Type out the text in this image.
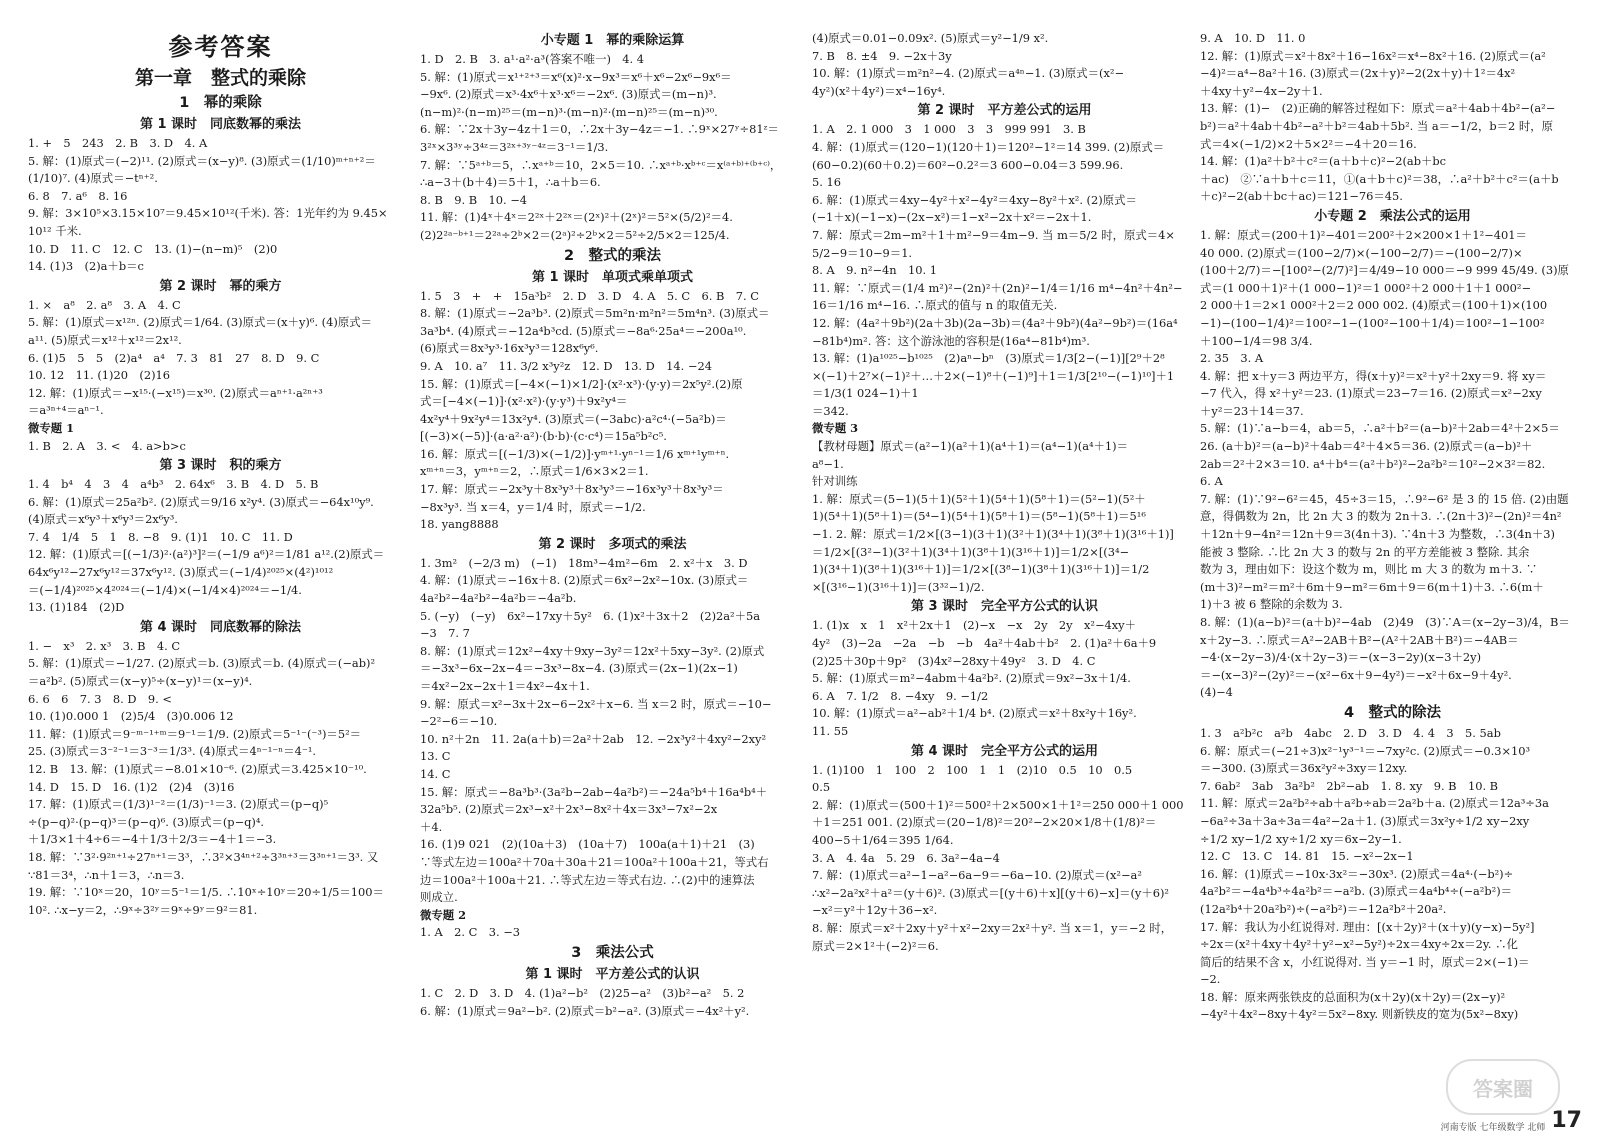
参考答案
第一章　整式的乘除
1　幂的乘除
第 1 课时　同底数幂的乘法
1. +　5　243　2. B　3. D　4. A
5. 解：(1)原式＝(−2)¹¹. (2)原式＝(x−y)⁸. (3)原式＝(1/10)ᵐ⁺ⁿ⁺²＝
(1/10)⁷. (4)原式＝−tⁿ⁺².
6. 8　7. a⁶　8. 16
9. 解：3×10⁵×3.15×10⁷＝9.45×10¹²(千米). 答：1光年约为 9.45×
10¹² 千米.
10. D　11. C　12. C　13. (1)−(n−m)⁵　(2)0
14. (1)3　(2)a＋b＝c
第 2 课时　幂的乘方
1. ×　a⁸　2. a⁸　3. A　4. C
5. 解：(1)原式＝x¹²ⁿ. (2)原式＝1/64. (3)原式＝(x＋y)⁶. (4)原式＝
a¹¹. (5)原式＝x¹²＋x¹²＝2x¹².
6. (1)5　5　5　(2)a⁴　a⁴　7. 3　81　27　8. D　9. C
10. 12　11. (1)20　(2)16
12. 解：(1)原式＝−x¹⁵·(−x¹⁵)＝x³⁰. (2)原式＝aⁿ⁺¹·a²ⁿ⁺³
＝a³ⁿ⁺⁴＝aⁿ⁻¹.
微专题 1
1. B　2. A　3. <　4. a>b>c
第 3 课时　积的乘方
1. 4　b⁴　4　3　4　a⁴b³　2. 64x⁶　3. B　4. D　5. B
6. 解：(1)原式＝25a²b². (2)原式＝9/16 x²y⁴. (3)原式＝−64x¹⁰y⁹.
(4)原式＝x⁶y³＋x⁶y³＝2x⁶y³.
7. 4　1/4　5　1　8. −8　9. (1)1　10. C　11. D
12. 解：(1)原式＝[(−1/3)²·(a²)³]²＝(−1/9 a⁶)²＝1/81 a¹².(2)原式＝
64x⁶y¹²−27x⁶y¹²＝37x⁶y¹². (3)原式＝(−1/4)²⁰²⁵×(4²)¹⁰¹²
＝(−1/4)²⁰²⁵×4²⁰²⁴＝(−1/4)×(−1/4×4)²⁰²⁴＝−1/4.
13. (1)184　(2)D
第 4 课时　同底数幂的除法
1. −　x³　2. x³　3. B　4. C
5. 解：(1)原式＝−1/27. (2)原式＝b. (3)原式＝b. (4)原式＝(−ab)²
＝a²b². (5)原式＝(x−y)⁵÷(x−y)¹＝(x−y)⁴.
6. 6　6　7. 3　8. D　9. <
10. (1)0.000 1　(2)5/4　(3)0.006 12
11. 解：(1)原式＝9⁻ᵐ⁻¹⁺ᵐ＝9⁻¹＝1/9. (2)原式＝5⁻¹⁻(⁻³)＝5²＝
25. (3)原式＝3⁻²⁻¹＝3⁻³＝1/3³. (4)原式＝4ⁿ⁻¹⁻ⁿ＝4⁻¹.
12. B　13. 解：(1)原式＝−8.01×10⁻⁶. (2)原式＝3.425×10⁻¹⁰.
14. D　15. D　16. (1)2　(2)4　(3)16
17. 解：(1)原式＝(1/3)¹⁻²＝(1/3)⁻¹＝3. (2)原式＝(p−q)⁵
÷(p−q)²·(p−q)³＝(p−q)⁶. (3)原式＝(p−q)⁴.
＋1/3×1＋4÷6＝−4＋1/3＋2/3＝−4＋1＝−3.
18. 解：∵3²·9²ⁿ⁺¹÷27ⁿ⁺¹＝3³，∴3²×3⁴ⁿ⁺²÷3³ⁿ⁺³＝3³ⁿ⁺¹＝3³. 又
∵81＝3⁴，∴n＋1＝3，∴n＝3.
19. 解：∵10ˣ＝20，10ʸ＝5⁻¹＝1/5. ∴10ˣ÷10ʸ＝20÷1/5＝100＝
10². ∴x−y＝2，∴9ˣ÷3²ʸ＝9ˣ÷9ʸ＝9²＝81.
小专题 1　幂的乘除运算
1. D　2. B　3. a¹·a²·a³(答案不唯一)　4. 4
5. 解：(1)原式＝x¹⁺²⁺³＝x⁶(x)²·x−9x³＝x⁶＋x⁶−2x⁶−9x⁶＝
−9x⁶. (2)原式＝x³·4x⁶＋x³·x⁶＝−2x⁶. (3)原式＝(m−n)³.
(n−m)²·(n−m)²⁵＝(m−n)³·(m−n)²·(m−n)²⁵＝(m−n)³⁰.
6. 解：∵2x＋3y−4z＋1＝0，∴2x＋3y−4z＝−1. ∴9ˣ×27ʸ÷81ᶻ＝
3²ˣ×3³ʸ÷3⁴ᶻ＝3²ˣ⁺³ʸ⁻⁴ᶻ＝3⁻¹＝1/3.
7. 解：∵5ᵃ⁺ᵇ＝5，∴xᵃ⁺ᵇ＝10，2×5＝10. ∴xᵃ⁺ᵇ·xᵇ⁺ᶜ＝x⁽ᵃ⁺ᵇ⁾⁺⁽ᵇ⁺ᶜ⁾，
∴a−3＋(b＋4)＝5＋1，∴a＋b＝6.
8. B　9. B　10. −4
11. 解：(1)4ˣ＋4ˣ＝2²ˣ＋2²ˣ＝(2ˣ)²＋(2ˣ)²＝5²×(5/2)²＝4.
(2)2²ᵃ⁻ᵇ⁺¹＝2²ᵃ÷2ᵇ×2＝(2ᵃ)²÷2ᵇ×2＝5²÷2/5×2＝125/4.
2　整式的乘法
第 1 课时　单项式乘单项式
1. 5　3　+　+　15a³b²　2. D　3. D　4. A　5. C　6. B　7. C
8. 解：(1)原式＝−2a³b³. (2)原式＝5m²n·m²n²＝5m⁴n³. (3)原式＝
3a³b⁴. (4)原式＝−12a⁴b³cd. (5)原式＝−8a⁶·25a⁴＝−200a¹⁰.
(6)原式＝8x³y³·16x³y³＝128x⁶y⁶.
9. A　10. a⁷　11. 3/2 x³y²z　12. D　13. D　14. −24
15. 解：(1)原式＝[−4×(−1)×1/2]·(x²·x³)·(y·y)＝2x⁵y².(2)原
式＝[−4×(−1)]·(x²·x²)·(y·y³)＋9x²y⁴＝
4x²y⁴＋9x²y⁴＝13x²y⁴. (3)原式＝(−3abc)·a²c⁴·(−5a²b)＝
[(−3)×(−5)]·(a·a²·a²)·(b·b)·(c·c⁴)＝15a⁵b²c⁵.
16. 解：原式＝[(−1/3)×(−1/2)]·yᵐ⁺¹·yⁿ⁻¹＝1/6 xᵐ⁺¹yᵐ⁺ⁿ.
xᵐ⁺ⁿ＝3，yᵐ⁺ⁿ＝2，∴原式＝1/6×3×2＝1.
17. 解：原式＝−2x³y＋8x³y³＋8x³y³＝−16x³y³＋8x³y³＝
−8x³y³. 当 x＝4，y＝1/4 时，原式＝−1/2.
18. yang8888
第 2 课时　多项式的乘法
1. 3m²　(−2/3 m)　(−1)　18m³−4m²−6m　2. x²＋x　3. D
4. 解：(1)原式＝−16x＋8. (2)原式＝6x²−2x²−10x. (3)原式＝
4a²b²−4a²b²−4a²b＝−4a²b.
5. (−y)　(−y)　6x²−17xy＋5y²　6. (1)x²＋3x＋2　(2)2a²＋5a
−3　7. 7
8. 解：(1)原式＝12x²−4xy＋9xy−3y²＝12x²＋5xy−3y². (2)原式
＝−3x³−6x−2x−4＝−3x³−8x−4. (3)原式＝(2x−1)(2x−1)
＝4x²−2x−2x＋1＝4x²−4x＋1.
9. 解：原式＝x²−3x＋2x−6−2x²＋x−6. 当 x＝2 时，原式＝−10−
−2²−6＝−10.
10. n²＋2n　11. 2a(a＋b)＝2a²＋2ab　12. −2x³y²＋4xy²−2xy²
13. C
14. C
15. 解：原式＝−8a³b³·(3a²b−2ab−4a²b²)＝−24a⁵b⁴＋16a⁴b⁴＋
32a⁵b⁵. (2)原式＝2x³−x²＋2x³−8x²＋4x＝3x³−7x²−2x
＋4.
16. (1)9 021　(2)(10a＋3)　(10a＋7)　100a(a＋1)＋21　(3)
∵等式左边＝100a²＋70a＋30a＋21＝100a²＋100a＋21，等式右
边＝100a²＋100a＋21. ∴等式左边＝等式右边. ∴(2)中的速算法
则成立.
微专题 2
1. A　2. C　3. −3
3　乘法公式
第 1 课时　平方差公式的认识
1. C　2. D　3. D　4. (1)a²−b²　(2)25−a²　(3)b²−a²　5. 2
6. 解：(1)原式＝9a²−b². (2)原式＝b²−a². (3)原式＝−4x²＋y².
(4)原式＝0.01−0.09x². (5)原式＝y²−1/9 x².
7. B　8. ±4　9. −2x＋3y
10. 解：(1)原式＝m²n²−4. (2)原式＝a⁴ⁿ−1. (3)原式＝(x²−
4y²)(x²＋4y²)＝x⁴−16y⁴.
第 2 课时　平方差公式的运用
1. A　2. 1 000　3　1 000　3　3　999 991　3. B
4. 解：(1)原式＝(120−1)(120＋1)＝120²−1²＝14 399. (2)原式＝
(60−0.2)(60＋0.2)＝60²−0.2²＝3 600−0.04＝3 599.96.
5. 16
6. 解：(1)原式＝4xy−4y²＋x²−4y²＝4xy−8y²＋x². (2)原式＝
(−1＋x)(−1−x)−(2x−x²)＝1−x²−2x＋x²＝−2x＋1.
7. 解：原式＝2m−m²＋1＋m²−9＝4m−9. 当 m＝5/2 时，原式＝4×
5/2−9＝10−9＝1.
8. A　9. n²−4n　10. 1
11. 解：∵原式＝(1/4 m²)²−(2n)²＋(2n)²−1/4＝1/16 m⁴−4n²＋4n²−
16＝1/16 m⁴−16. ∴原式的值与 n 的取值无关.
12. 解：(4a²＋9b²)(2a＋3b)(2a−3b)＝(4a²＋9b²)(4a²−9b²)＝(16a⁴
−81b⁴)m². 答：这个游泳池的容积是(16a⁴−81b⁴)m³.
13. 解：(1)a¹⁰²⁵−b¹⁰²⁵　(2)aⁿ−bⁿ　(3)原式＝1/3[2−(−1)][2⁹＋2⁸
×(−1)＋2⁷×(−1)²＋…＋2×(−1)⁸＋(−1)⁹]＋1＝1/3[2¹⁰−(−1)¹⁰]＋1
＝1/3(1 024−1)＋1
＝342.
微专题 3
【教材母题】原式＝(a²−1)(a²＋1)(a⁴＋1)＝(a⁴−1)(a⁴＋1)＝
a⁸−1.
针对训练
1. 解：原式＝(5−1)(5＋1)(5²＋1)(5⁴＋1)(5⁸＋1)＝(5²−1)(5²＋
1)(5⁴＋1)(5⁸＋1)＝(5⁴−1)(5⁴＋1)(5⁸＋1)＝(5⁸−1)(5⁸＋1)＝5¹⁶
−1. 2. 解：原式＝1/2×[(3−1)(3＋1)(3²＋1)(3⁴＋1)(3⁸＋1)(3¹⁶＋1)]
＝1/2×[(3²−1)(3²＋1)(3⁴＋1)(3⁸＋1)(3¹⁶＋1)]＝1/2×[(3⁴−
1)(3⁴＋1)(3⁸＋1)(3¹⁶＋1)]＝1/2×[(3⁸−1)(3⁸＋1)(3¹⁶＋1)]＝1/2
×[(3¹⁶−1)(3¹⁶＋1)]＝(3³²−1)/2.
第 3 课时　完全平方公式的认识
1. (1)x　x　1　x²＋2x＋1　(2)−x　−x　2y　2y　x²−4xy＋
4y²　(3)−2a　−2a　−b　−b　4a²＋4ab＋b²　2. (1)a²＋6a＋9
(2)25＋30p＋9p²　(3)4x²−28xy＋49y²　3. D　4. C
5. 解：(1)原式＝m²−4abm＋4a²b². (2)原式＝9x²−3x＋1/4.
6. A　7. 1/2　8. −4xy　9. −1/2
10. 解：(1)原式＝a²−ab²＋1/4 b⁴. (2)原式＝x²＋8x²y＋16y².
11. 55
第 4 课时　完全平方公式的运用
1. (1)100　1　100　2　100　1　1　(2)10　0.5　10　0.5
0.5
2. 解：(1)原式＝(500＋1)²＝500²＋2×500×1＋1²＝250 000＋1 000
＋1＝251 001. (2)原式＝(20−1/8)²＝20²−2×20×1/8＋(1/8)²＝
400−5＋1/64＝395 1/64.
3. A　4. 4a　5. 29　6. 3a²−4a−4
7. 解：(1)原式＝a²−1−a²−6a−9＝−6a−10. (2)原式＝(x²−a²
∴x²−2a²x²＋a²＝(y＋6)². (3)原式＝[(y＋6)＋x][(y＋6)−x]＝(y＋6)²
−x²＝y²＋12y＋36−x².
8. 解：原式＝x²＋2xy＋y²＋x²−2xy＝2x²＋y². 当 x＝1，y＝−2 时，
原式＝2×1²＋(−2)²＝6.
9. A　10. D　11. 0
12. 解：(1)原式＝x²＋8x²＋16−16x²＝x⁴−8x²＋16. (2)原式＝(a²
−4)²＝a⁴−8a²＋16. (3)原式＝(2x＋y)²−2(2x＋y)＋1²＝4x²
＋4xy＋y²−4x−2y＋1.
13. 解：(1)−　(2)正确的解答过程如下：原式＝a²＋4ab＋4b²−(a²−
b²)＝a²＋4ab＋4b²−a²＋b²＝4ab＋5b². 当 a＝−1/2，b＝2 时，原
式＝4×(−1/2)×2＋5×2²＝−4＋20＝16.
14. 解：(1)a²＋b²＋c²＝(a＋b＋c)²−2(ab＋bc
＋ac)　②∵a＋b＋c＝11，①(a＋b＋c)²＝38，∴a²＋b²＋c²＝(a＋b
＋c)²−2(ab＋bc＋ac)＝121−76＝45.
小专题 2　乘法公式的运用
1. 解：原式＝(200＋1)²−401＝200²＋2×200×1＋1²−401＝
40 000. (2)原式＝(100−2/7)×(−100−2/7)＝−(100−2/7)×
(100＋2/7)＝−[100²−(2/7)²]＝4/49−10 000＝−9 999 45/49. (3)原
式＝(1 000＋1)²＋(1 000−1)²＝1 000²＋2 000＋1＋1 000²−
2 000＋1＝2×1 000²＋2＝2 000 002. (4)原式＝(100＋1)×(100
−1)−(100−1/4)²＝100²−1−(100²−100＋1/4)＝100²−1−100²
＋100−1/4＝98 3/4.
2. 35　3. A
4. 解：把 x＋y＝3 两边平方，得(x＋y)²＝x²＋y²＋2xy＝9. 将 xy＝
−7 代入，得 x²＋y²＝23. (1)原式＝23−7＝16. (2)原式＝x²−2xy
＋y²＝23＋14＝37.
5. 解：(1)∵a−b＝4，ab＝5，∴a²＋b²＝(a−b)²＋2ab＝4²＋2×5＝
26. (a＋b)²＝(a−b)²＋4ab＝4²＋4×5＝36. (2)原式＝(a−b)²＋
2ab＝2²＋2×3＝10. a⁴＋b⁴＝(a²＋b²)²−2a²b²＝10²−2×3²＝82.
6. A
7. 解：(1)∵9²−6²＝45，45÷3＝15，∴9²−6² 是 3 的 15 倍. (2)由题
意，得偶数为 2n，比 2n 大 3 的数为 2n＋3. ∴(2n＋3)²−(2n)²＝4n²
＋12n＋9−4n²＝12n＋9＝3(4n＋3). ∵4n＋3 为整数，∴3(4n＋3)
能被 3 整除. ∴比 2n 大 3 的数与 2n 的平方差能被 3 整除. 其余
数为 3，理由如下：设这个数为 m，则比 m 大 3 的数为 m＋3. ∵
(m＋3)²−m²＝m²＋6m＋9−m²＝6m＋9＝6(m＋1)＋3. ∴6(m＋
1)＋3 被 6 整除的余数为 3.
8. 解：(1)(a−b)²＝(a＋b)²−4ab　(2)49　(3)∵A＝(x−2y−3)/4，B＝
x＋2y−3. ∴原式＝A²−2AB＋B²−(A²＋2AB＋B²)＝−4AB＝
−4·(x−2y−3)/4·(x＋2y−3)＝−(x−3−2y)(x−3＋2y)
＝−(x−3)²−(2y)²＝−(x²−6x＋9−4y²)＝−x²＋6x−9＋4y².
(4)−4
4　整式的除法
1. 3　a²b²c　a²b　4abc　2. D　3. D　4. 4　3　5. 5ab
6. 解：原式＝(−21÷3)x²⁻¹y³⁻¹＝−7xy²c. (2)原式＝−0.3×10³
＝−300. (3)原式＝36x²y²÷3xy＝12xy.
7. 6ab²　3ab　3a²b²　2b²−ab　1. 8. xy　9. B　10. B
11. 解：原式＝2a²b²÷ab＋a²b÷ab＝2a²b＋a. (2)原式＝12a³÷3a
−6a²÷3a＋3a÷3a＝4a²−2a＋1. (3)原式＝3x²y÷1/2 xy−2xy
÷1/2 xy−1/2 xy÷1/2 xy＝6x−2y−1.
12. C　13. C　14. 81　15. −x²−2x−1
16. 解：(1)原式＝−10x·3x²＝−30x³. (2)原式＝4a⁴·(−b²)÷
4a²b²＝−4a⁴b³÷4a²b²＝−a²b. (3)原式＝4a⁴b⁴÷(−a²b²)＝
(12a²b⁴＋20a²b²)÷(−a²b²)＝−12a²b²＋20a².
17. 解：我认为小红说得对. 理由：[(x＋2y)²＋(x＋y)(y−x)−5y²]
÷2x＝(x²＋4xy＋4y²＋y²−x²−5y²)÷2x＝4xy÷2x＝2y. ∴化
简后的结果不含 x，小红说得对. 当 y＝−1 时，原式＝2×(−1)＝
−2.
18. 解：原来两张铁皮的总面积为(x＋2y)(x＋2y)＝(2x−y)²
−4y²＋4x²−8xy＋4y²＝5x²−8xy. 则新铁皮的宽为(5x²−8xy)
答案圈
河南专版 七年级数学 北师 17
